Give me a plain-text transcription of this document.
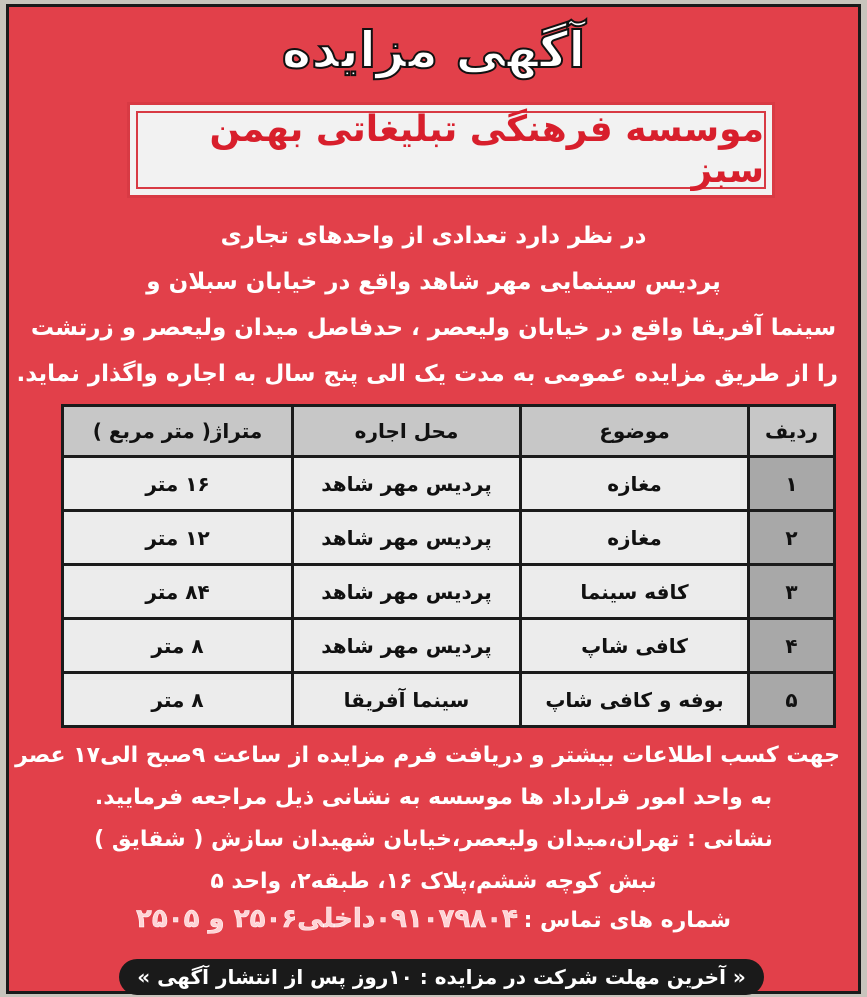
آگهی مزایده
موسسه فرهنگی تبلیغاتی بهمن سبز
در نظر دارد تعدادی از واحدهای تجاری
پردیس سینمایی مهر شاهد واقع در خیابان سبلان و
سینما آفریقا واقع در خیابان ولیعصر ، حدفاصل میدان ولیعصر و زرتشت
را از طریق مزایده عمومی به مدت یک الی پنج سال به اجاره واگذار نماید.
ردیف	موضوع	محل اجاره	متراژ( متر مربع )
۱	مغازه	پردیس مهر شاهد	۱۶ متر
۲	مغازه	پردیس مهر شاهد	۱۲ متر
۳	کافه سینما	پردیس مهر شاهد	۸۴ متر
۴	کافی شاپ	پردیس مهر شاهد	۸ متر
۵	بوفه و کافی شاپ	سینما آفریقا	۸ متر
جهت کسب اطلاعات بیشتر و دریافت فرم مزایده از ساعت ۹صبح الی۱۷ عصر
به واحد امور قرارداد ها موسسه به نشانی ذیل مراجعه فرمایید.
نشانی : تهران،میدان ولیعصر،خیابان شهیدان سازش ( شقایق )
نبش کوچه ششم،پلاک ۱۶، طبقه۲، واحد ۵
شماره های تماس : ۰۹۱۰۷۹۸۰۴داخلی۲۵۰۶ و ۲۵۰۵
« آخرین مهلت شرکت در مزایده : ۱۰روز پس از انتشار آگهی »
